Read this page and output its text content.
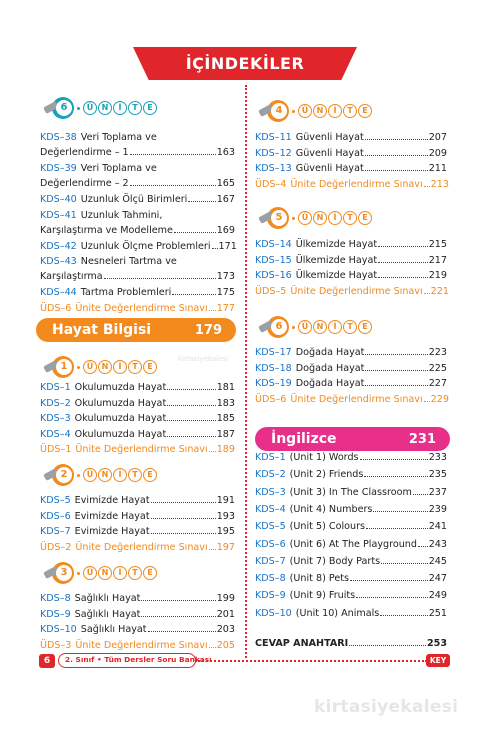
İÇİNDEKİLER
6	Ü	N	İ	T	E
KDS–38 Veri Toplama ve
Değerlendirme – 1	163
KDS–39 Veri Toplama ve
Değerlendirme – 2	165
KDS–40 Uzunluk Ölçü Birimleri	167
KDS–41 Uzunluk Tahmini,
Karşılaştırma ve Modelleme	169
KDS–42 Uzunluk Ölçme Problemleri 171
KDS–43 Nesneleri Tartma ve
Karşılaştırma	173
KDS–44 Tartma Problemleri	175
ÜDS–6 Ünite Değerlendirme Sınavı 177
1	Ü	N	İ	T	E
KDS–1 Okulumuzda Hayat	181
KDS–2 Okulumuzda Hayat	183
KDS–3 Okulumuzda Hayat	185
KDS–4 Okulumuzda Hayat	187
ÜDS–1 Ünite Değerlendirme Sınavı 189
2	Ü	N	İ	T	E
KDS–5 Evimizde Hayat	191
KDS–6 Evimizde Hayat	193
KDS–7 Evimizde Hayat	195
ÜDS–2 Ünite Değerlendirme Sınavı 197
3	Ü	N	İ	T	E
KDS–8 Sağlıklı Hayat	199
KDS–9 Sağlıklı Hayat	201
KDS–10 Sağlıklı Hayat	203
ÜDS–3 Ünite Değerlendirme Sınavı 205
4	Ü	N	İ	T	E
KDS–11 Güvenli Hayat	207
KDS–12 Güvenli Hayat	209
KDS–13 Güvenli Hayat	211
ÜDS–4 Ünite Değerlendirme Sınavı 213
5	Ü	N	İ	T	E
KDS–14 Ülkemizde Hayat	215
KDS–15 Ülkemizde Hayat	217
KDS–16 Ülkemizde Hayat	219
ÜDS–5 Ünite Değerlendirme Sınavı 221
6	Ü	N	İ	T	E
KDS–17 Doğada Hayat	223
KDS–18 Doğada Hayat	225
KDS–19 Doğada Hayat	227
ÜDS–6 Ünite Değerlendirme Sınavı 229
KDS–1 (Unit 1) Words	233
KDS–2 (Unit 2) Friends	235
KDS–3 (Unit 3) In The Classroom 237
KDS–4 (Unit 4) Numbers	239
KDS–5 (Unit 5) Colours	241
KDS–6 (Unit 6) At The Playground 243
KDS–7 (Unit 7) Body Parts	245
KDS–8 (Unit 8) Pets	247
KDS–9 (Unit 9) Fruits	249
KDS–10 (Unit 10) Animals	251
Hayat Bilgisi	179
İngilizce	231
CEVAP ANAHTARI	253
6	2. Sınıf • Tüm Dersler Soru Bankası	KEY
kirtasiyekalesi
kirtasiyekalesi
